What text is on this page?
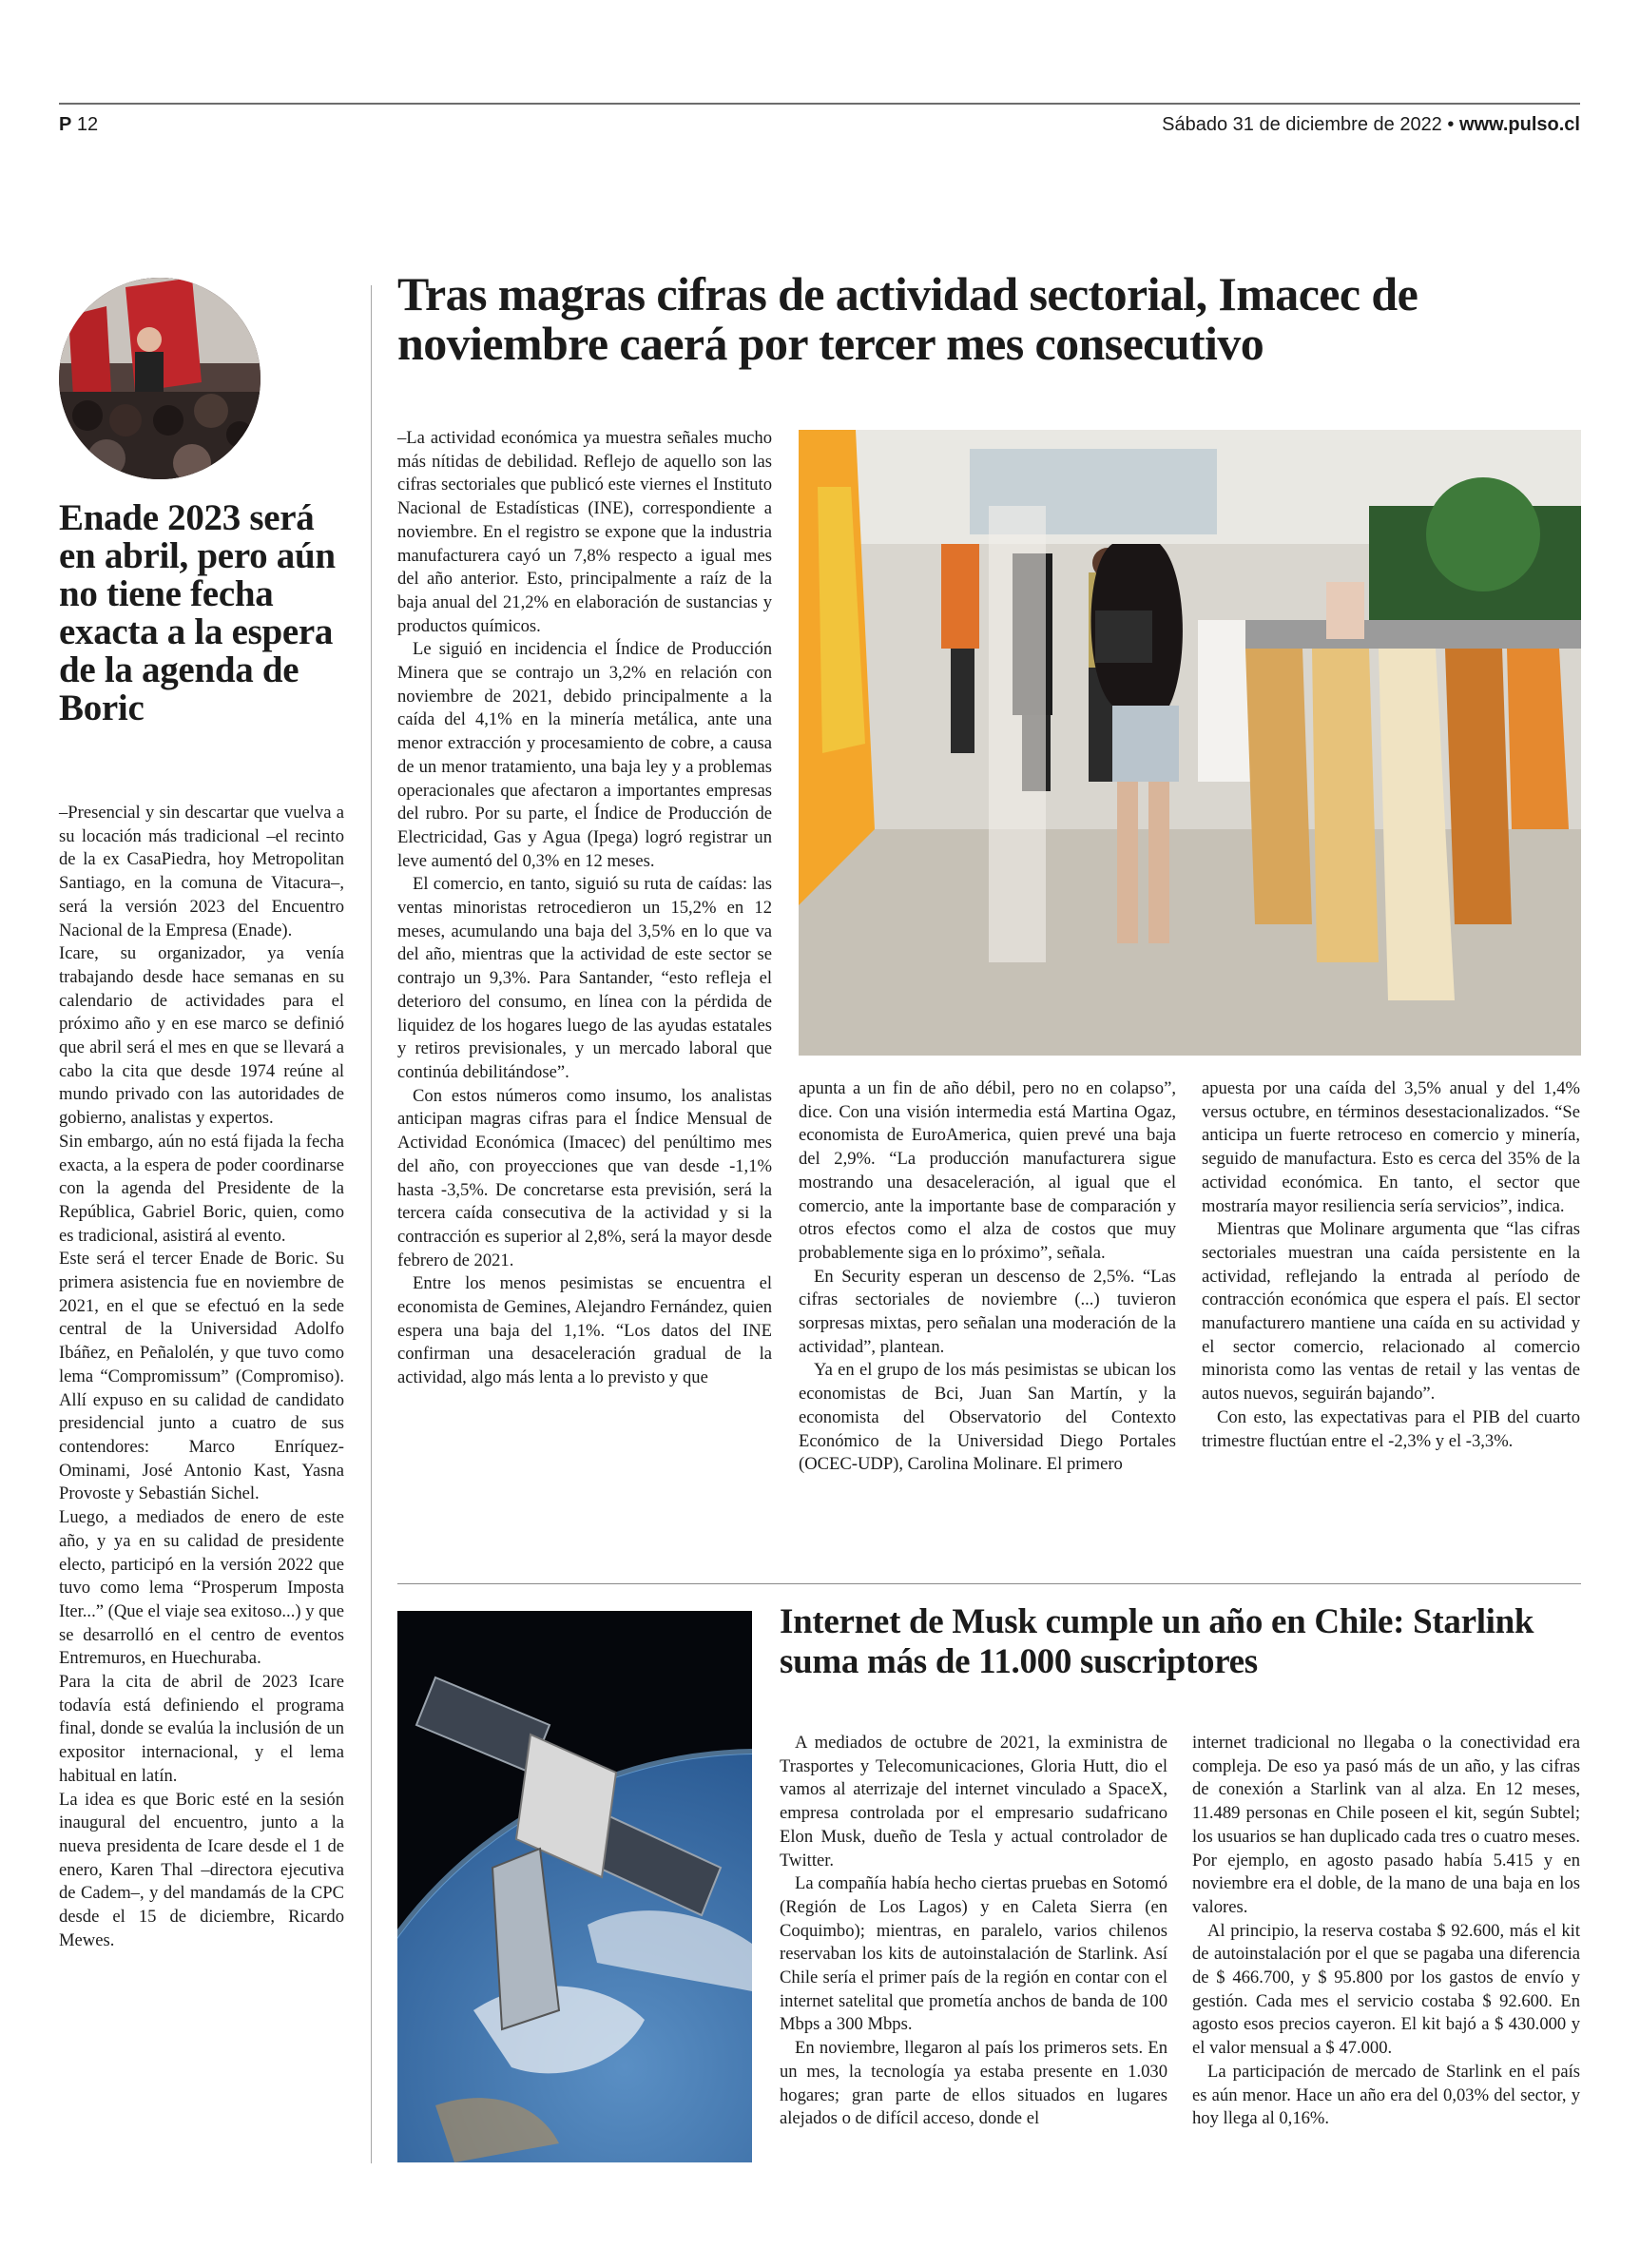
P 12	Sábado 31 de diciembre de 2022 • www.pulso.cl
Enade 2023 será en abril, pero aún no tiene fecha exacta a la espera de la agenda de Boric

–Presencial y sin descartar que vuelva a su locación más tradicional –el recinto de la ex CasaPiedra, hoy Metropolitan Santiago, en la comuna de Vitacura–, será la versión 2023 del Encuentro Nacional de la Empresa (Enade).

Icare, su organizador, ya venía trabajando desde hace semanas en su calendario de actividades para el próximo año y en ese marco se definió que abril será el mes en que se llevará a cabo la cita que desde 1974 reúne al mundo privado con las autoridades de gobierno, analistas y expertos.

Sin embargo, aún no está fijada la fecha exacta, a la espera de poder coordinarse con la agenda del Presidente de la República, Gabriel Boric, quien, como es tradicional, asistirá al evento.

Este será el tercer Enade de Boric. Su primera asistencia fue en noviembre de 2021, en el que se efectuó en la sede central de la Universidad Adolfo Ibáñez, en Peñalolén, y que tuvo como lema “Compromissum” (Compromiso). Allí expuso en su calidad de candidato presidencial junto a cuatro de sus contendores: Marco Enríquez-Ominami, José Antonio Kast, Yasna Provoste y Sebastián Sichel.

Luego, a mediados de enero de este año, y ya en su calidad de presidente electo, participó en la versión 2022 que tuvo como lema “Prosperum Imposta Iter...” (Que el viaje sea exitoso...) y que se desarrolló en el centro de eventos Entremuros, en Huechuraba.

Para la cita de abril de 2023 Icare todavía está definiendo el programa final, donde se evalúa la inclusión de un expositor internacional, y el lema habitual en latín.

La idea es que Boric esté en la sesión inaugural del encuentro, junto a la nueva presidenta de Icare desde el 1 de enero, Karen Thal –directora ejecutiva de Cadem–, y del mandamás de la CPC desde el 15 de diciembre, Ricardo Mewes.

Tras magras cifras de actividad sectorial, Imacec de noviembre caerá por tercer mes consecutivo

–La actividad económica ya muestra señales mucho más nítidas de debilidad. Reflejo de aquello son las cifras sectoriales que publicó este viernes el Instituto Nacional de Estadísticas (INE), correspondiente a noviembre. En el registro se expone que la industria manufacturera cayó un 7,8% respecto a igual mes del año anterior. Esto, principalmente a raíz de la baja anual del 21,2% en elaboración de sustancias y productos químicos.

Le siguió en incidencia el Índice de Producción Minera que se contrajo un 3,2% en relación con noviembre de 2021, debido principalmente a la caída del 4,1% en la minería metálica, ante una menor extracción y procesamiento de cobre, a causa de un menor tratamiento, una baja ley y a problemas operacionales que afectaron a importantes empresas del rubro. Por su parte, el Índice de Producción de Electricidad, Gas y Agua (Ipega) logró registrar un leve aumentó del 0,3% en 12 meses.

El comercio, en tanto, siguió su ruta de caídas: las ventas minoristas retrocedieron un 15,2% en 12 meses, acumulando una baja del 3,5% en lo que va del año, mientras que la actividad de este sector se contrajo un 9,3%. Para Santander, “esto refleja el deterioro del consumo, en línea con la pérdida de liquidez de los hogares luego de las ayudas estatales y retiros previsionales, y un mercado laboral que continúa debilitándose”.

Con estos números como insumo, los analistas anticipan magras cifras para el Índice Mensual de Actividad Económica (Imacec) del penúltimo mes del año, con proyecciones que van desde -1,1% hasta -3,5%. De concretarse esta previsión, será la tercera caída consecutiva de la actividad y si la contracción es superior al 2,8%, será la mayor desde febrero de 2021.

Entre los menos pesimistas se encuentra el economista de Gemines, Alejandro Fernández, quien espera una baja del 1,1%. “Los datos del INE confirman una desaceleración gradual de la actividad, algo más lenta a lo previsto y que

apunta a un fin de año débil, pero no en colapso”, dice. Con una visión intermedia está Martina Ogaz, economista de EuroAmerica, quien prevé una baja del 2,9%. “La producción manufacturera sigue mostrando una desaceleración, al igual que el comercio, ante la importante base de comparación y otros efectos como el alza de costos que muy probablemente siga en lo próximo”, señala.

En Security esperan un descenso de 2,5%. “Las cifras sectoriales de noviembre (...) tuvieron sorpresas mixtas, pero señalan una moderación de la actividad”, plantean.

Ya en el grupo de los más pesimistas se ubican los economistas de Bci, Juan San Martín, y la economista del Observatorio del Contexto Económico de la Universidad Diego Portales (OCEC-UDP), Carolina Molinare. El primero

apuesta por una caída del 3,5% anual y del 1,4% versus octubre, en términos desestacionalizados. “Se anticipa un fuerte retroceso en comercio y minería, seguido de manufactura. Esto es cerca del 35% de la actividad económica. En tanto, el sector que mostraría mayor resiliencia sería servicios”, indica.

Mientras que Molinare argumenta que “las cifras sectoriales muestran una caída persistente en la actividad, reflejando la entrada al período de contracción económica que espera el país. El sector manufacturero mantiene una caída en su actividad y el sector comercio, relacionado al comercio minorista como las ventas de retail y las ventas de autos nuevos, seguirán bajando”.

Con esto, las expectativas para el PIB del cuarto trimestre fluctúan entre el -2,3% y el -3,3%.

Internet de Musk cumple un año en Chile: Starlink suma más de 11.000 suscriptores

A mediados de octubre de 2021, la exministra de Trasportes y Telecomunicaciones, Gloria Hutt, dio el vamos al aterrizaje del internet vinculado a SpaceX, empresa controlada por el empresario sudafricano Elon Musk, dueño de Tesla y actual controlador de Twitter.

La compañía había hecho ciertas pruebas en Sotomó (Región de Los Lagos) y en Caleta Sierra (en Coquimbo); mientras, en paralelo, varios chilenos reservaban los kits de autoinstalación de Starlink. Así Chile sería el primer país de la región en contar con el internet satelital que prometía anchos de banda de 100 Mbps a 300 Mbps.

En noviembre, llegaron al país los primeros sets. En un mes, la tecnología ya estaba presente en 1.030 hogares; gran parte de ellos situados en lugares alejados o de difícil acceso, donde el

internet tradicional no llegaba o la conectividad era compleja. De eso ya pasó más de un año, y las cifras de conexión a Starlink van al alza. En 12 meses, 11.489 personas en Chile poseen el kit, según Subtel; los usuarios se han duplicado cada tres o cuatro meses. Por ejemplo, en agosto pasado había 5.415 y en noviembre era el doble, de la mano de una baja en los valores.

Al principio, la reserva costaba $ 92.600, más el kit de autoinstalación por el que se pagaba una diferencia de $ 466.700, y $ 95.800 por los gastos de envío y gestión. Cada mes el servicio costaba $ 92.600. En agosto esos precios cayeron. El kit bajó a $ 430.000 y el valor mensual a $ 47.000.

La participación de mercado de Starlink en el país es aún menor. Hace un año era del 0,03% del sector, y hoy llega al 0,16%.
